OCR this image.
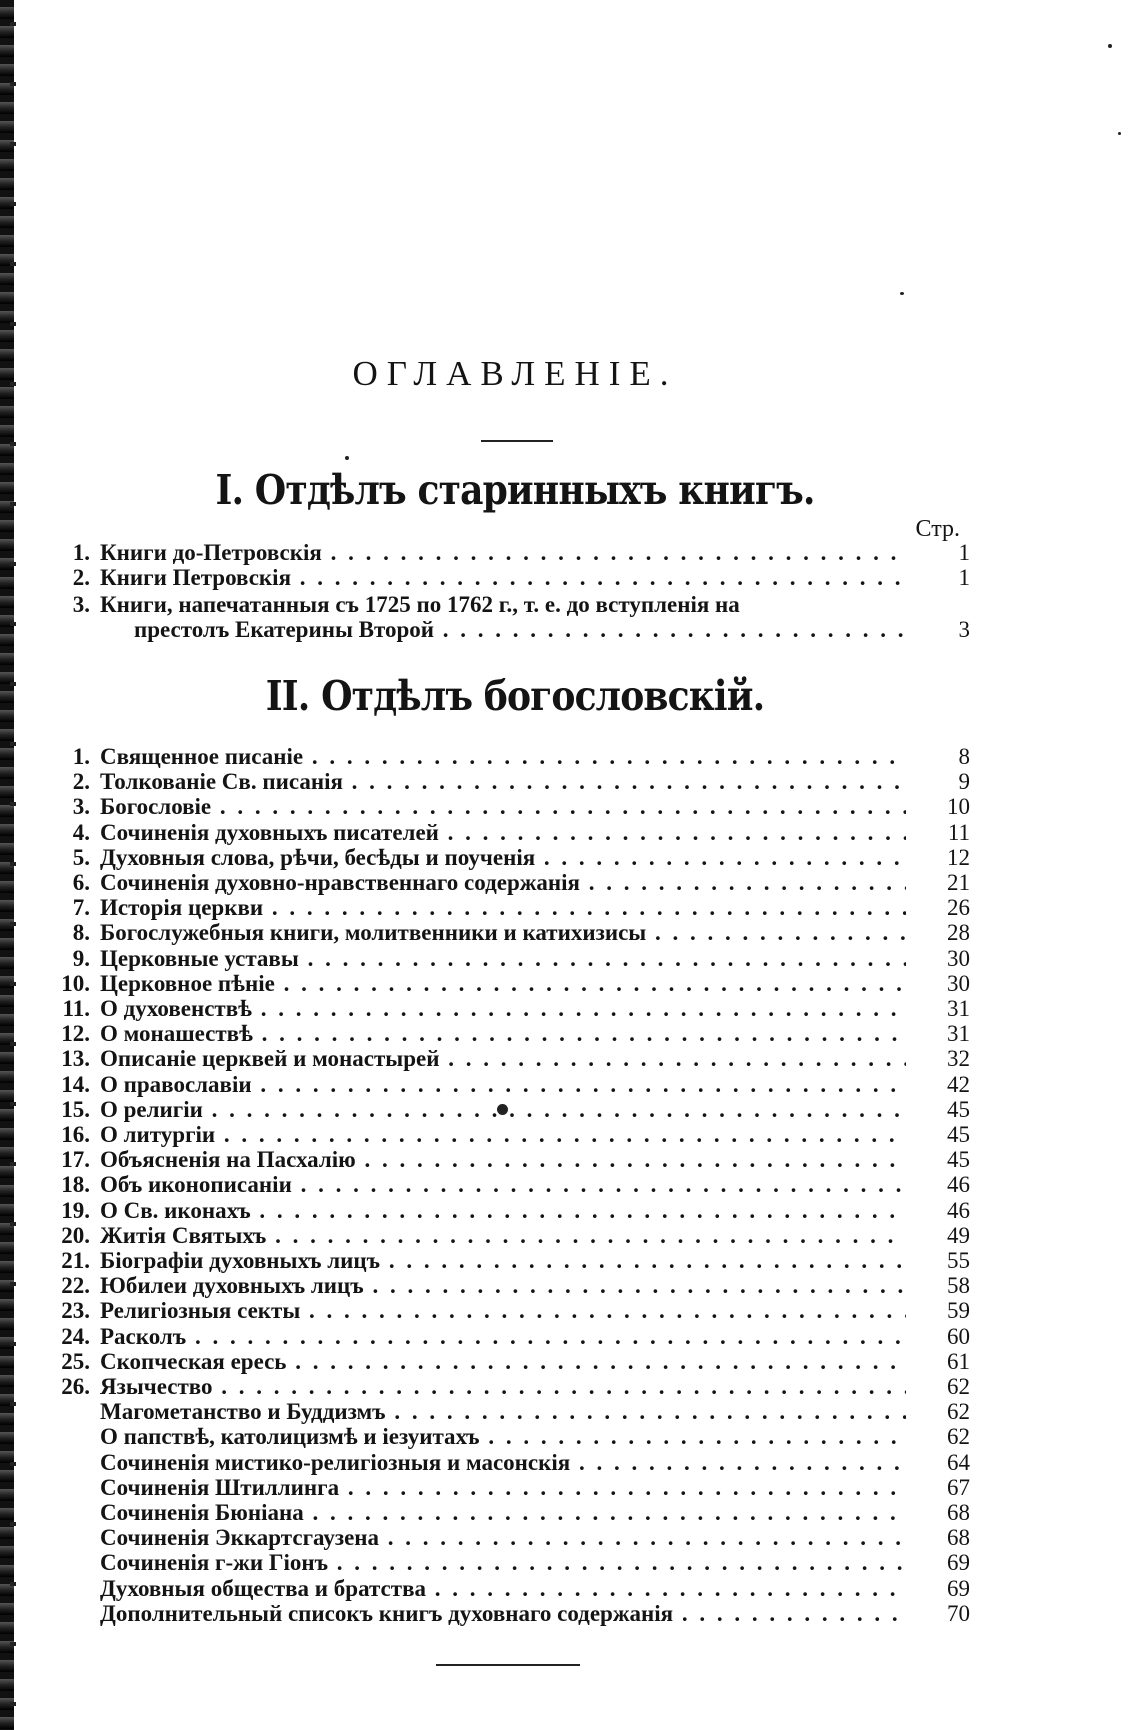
ОГЛАВЛЕНІЕ.
I. Отдѣлъ старинныхъ книгъ.
Стр.
1. Книги до-Петровскія . . .	1
2. Книги Петровскія . . .	1
3. Книги, напечатанныя съ 1725 по 1762 г., т. е. до вступленія на
престолъ Екатерины Второй . . .	3
II. Отдѣлъ богословскій.
1. Священное писаніе . . .	8
2. Толкованіе Св. писанія . . .	9
3. Богословіе . . .	10
4. Сочиненія духовныхъ писателей . . .	11
5. Духовныя слова, рѣчи, бесѣды и поученія . . .	12
6. Сочиненія духовно-нравственнаго содержанія . . .	21
7. Исторія церкви . . .	26
8. Богослужебныя книги, молитвенники и катихизисы . . .	28
9. Церковные уставы . . .	30
10. Церковное пѣніе . . .	30
11. О духовенствѣ . . .	31
12. О монашествѣ . . .	31
13. Описаніе церквей и монастырей . . .	32
14. О православіи . . .	42
15. О религіи . . .	45
16. О литургіи . . .	45
17. Объясненія на Пасхалію . . .	45
18. Объ иконописаніи . . .	46
19. О Св. иконахъ . . .	46
20. Житія Святыхъ . . .	49
21. Біографіи духовныхъ лицъ . . .	55
22. Юбилеи духовныхъ лицъ . . .	58
23. Религіозныя секты . . .	59
24. Расколъ . . .	60
25. Скопческая ересь . . .	61
26. Язычество . . .	62
Магометанство и Буддизмъ . . .	62
О папствѣ, католицизмѣ и іезуитахъ . . .	62
Сочиненія мистико-религіозныя и масонскія . . .	64
Сочиненія Штиллинга . . .	67
Сочиненія Бюніана . . .	68
Сочиненія Эккартсгаузена . . .	68
Сочиненія г-жи Гіонъ . . .	69
Духовныя общества и братства . . .	69
Дополнительный списокъ книгъ духовнаго содержанія . . .	70
